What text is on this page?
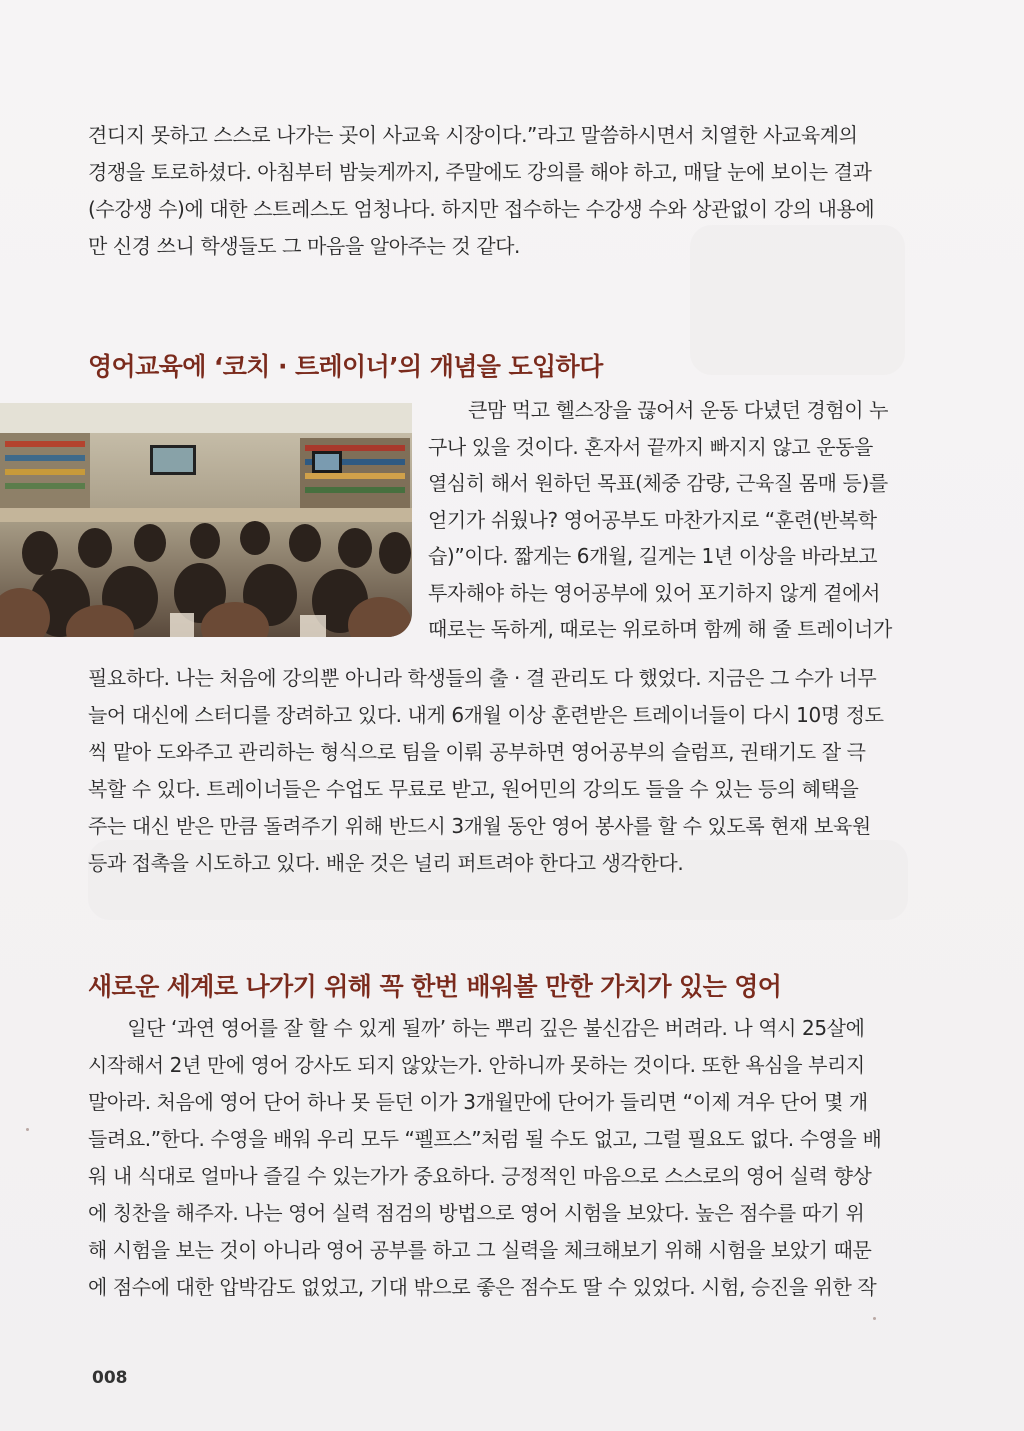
견디지 못하고 스스로 나가는 곳이 사교육 시장이다.”라고 말씀하시면서 치열한 사교육계의
경쟁을 토로하셨다. 아침부터 밤늦게까지, 주말에도 강의를 해야 하고, 매달 눈에 보이는 결과
(수강생 수)에 대한 스트레스도 엄청나다. 하지만 접수하는 수강생 수와 상관없이 강의 내용에
만 신경 쓰니 학생들도 그 마음을 알아주는 것 같다.
영어교육에 ‘코치 · 트레이너’의 개념을 도입하다
큰맘 먹고 헬스장을 끊어서 운동 다녔던 경험이 누
구나 있을 것이다. 혼자서 끝까지 빠지지 않고 운동을
열심히 해서 원하던 목표(체중 감량, 근육질 몸매 등)를
얻기가 쉬웠나? 영어공부도 마찬가지로 “훈련(반복학
습)”이다. 짧게는 6개월, 길게는 1년 이상을 바라보고
투자해야 하는 영어공부에 있어 포기하지 않게 곁에서
때로는 독하게, 때로는 위로하며 함께 해 줄 트레이너가
필요하다. 나는 처음에 강의뿐 아니라 학생들의 출 · 결 관리도 다 했었다. 지금은 그 수가 너무
늘어 대신에 스터디를 장려하고 있다. 내게 6개월 이상 훈련받은 트레이너들이 다시 10명 정도
씩 맡아 도와주고 관리하는 형식으로 팀을 이뤄 공부하면 영어공부의 슬럼프, 권태기도 잘 극
복할 수 있다. 트레이너들은 수업도 무료로 받고, 원어민의 강의도 들을 수 있는 등의 혜택을
주는 대신 받은 만큼 돌려주기 위해 반드시 3개월 동안 영어 봉사를 할 수 있도록 현재 보육원
등과 접촉을 시도하고 있다. 배운 것은 널리 퍼트려야 한다고 생각한다.
새로운 세계로 나가기 위해 꼭 한번 배워볼 만한 가치가 있는 영어
　　일단 ‘과연 영어를 잘 할 수 있게 될까’ 하는 뿌리 깊은 불신감은 버려라. 나 역시 25살에
시작해서 2년 만에 영어 강사도 되지 않았는가. 안하니까 못하는 것이다. 또한 욕심을 부리지
말아라. 처음에 영어 단어 하나 못 듣던 이가 3개월만에 단어가 들리면 “이제 겨우 단어 몇 개
들려요.”한다. 수영을 배워 우리 모두 “펠프스”처럼 될 수도 없고, 그럴 필요도 없다. 수영을 배
워 내 식대로 얼마나 즐길 수 있는가가 중요하다. 긍정적인 마음으로 스스로의 영어 실력 향상
에 칭찬을 해주자. 나는 영어 실력 점검의 방법으로 영어 시험을 보았다. 높은 점수를 따기 위
해 시험을 보는 것이 아니라 영어 공부를 하고 그 실력을 체크해보기 위해 시험을 보았기 때문
에 점수에 대한 압박감도 없었고, 기대 밖으로 좋은 점수도 딸 수 있었다. 시험, 승진을 위한 작
008
